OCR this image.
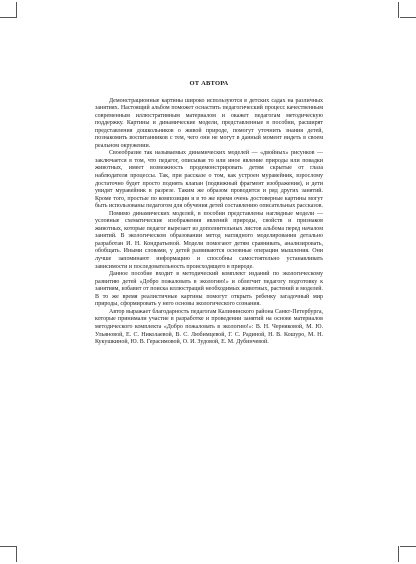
ОТ АВТОРА

Демонстрационные картины широко используются в детских садах на различных занятиях. Настоящий альбом поможет оснастить педагогический процесс качественным современным иллюстративным материалом и окажет педагогам методическую поддержку. Картины и динамические модели, представленные в пособии, расширят представления дошкольников о живой природе, помогут уточнить знания детей, познакомить воспитанников с тем, чего они не могут в данный момент видеть в своем реальном окружении.

Своеобразие так называемых динамических моделей — «двойных» рисунков — заключается в том, что педагог, описывая то или иное явление природы или повадки животных, имеет возможность продемонстрировать детям скрытые от глаза наблюдателя процессы. Так, при рассказе о том, как устроен муравейник, взрослому достаточно будет просто поднять клапан (подвижный фрагмент изображения), и дети увидят муравейник в разрезе. Таким же образом проводится и ряд других занятий. Кроме того, простые по композиции и в то же время очень достоверные картины могут быть использованы педагогом для обучения детей составлению описательных рассказов.

Помимо динамических моделей, в пособии представлены наглядные модели — условные схематические изображения явлений природы, свойств и признаков животных, которые педагог вырезает из дополнительных листов альбома перед началом занятий. В экологическом образовании метод наглядного моделирования детально разработан И. Н. Кондратьевой. Модели помогают детям сравнивать, анализировать, обобщать. Иными словами, у детей развиваются основные операции мышления. Они лучше запоминают информацию и способны самостоятельно устанавливать зависимости и последовательность происходящего в природе.

Данное пособие входит в методический комплект изданий по экологическому развитию детей «Добро пожаловать в экологию!» и облегчит педагогу подготовку к занятиям, избавит от поиска иллюстраций необходимых животных, растений и моделей. В то же время реалистичные картины помогут открыть ребенку загадочный мир природы, сформировать у него основы экологического сознания.

Автор выражает благодарность педагогам Калининского района Санкт-Петербурга, которые принимали участие в разработке и проведении занятий на основе материалов методического комплекта «Добро пожаловать в экологию!»: В. Н. Черняковой, М. Ю. Ульяновой, Е. С. Николаевой, В. С. Любимцевой, Г. С. Радиной, Н. В. Кошуро, М. Н. Кукушкиной, Ю. В. Герасимовой, О. И. Зудовой, Е. М. Дубинчевой.
